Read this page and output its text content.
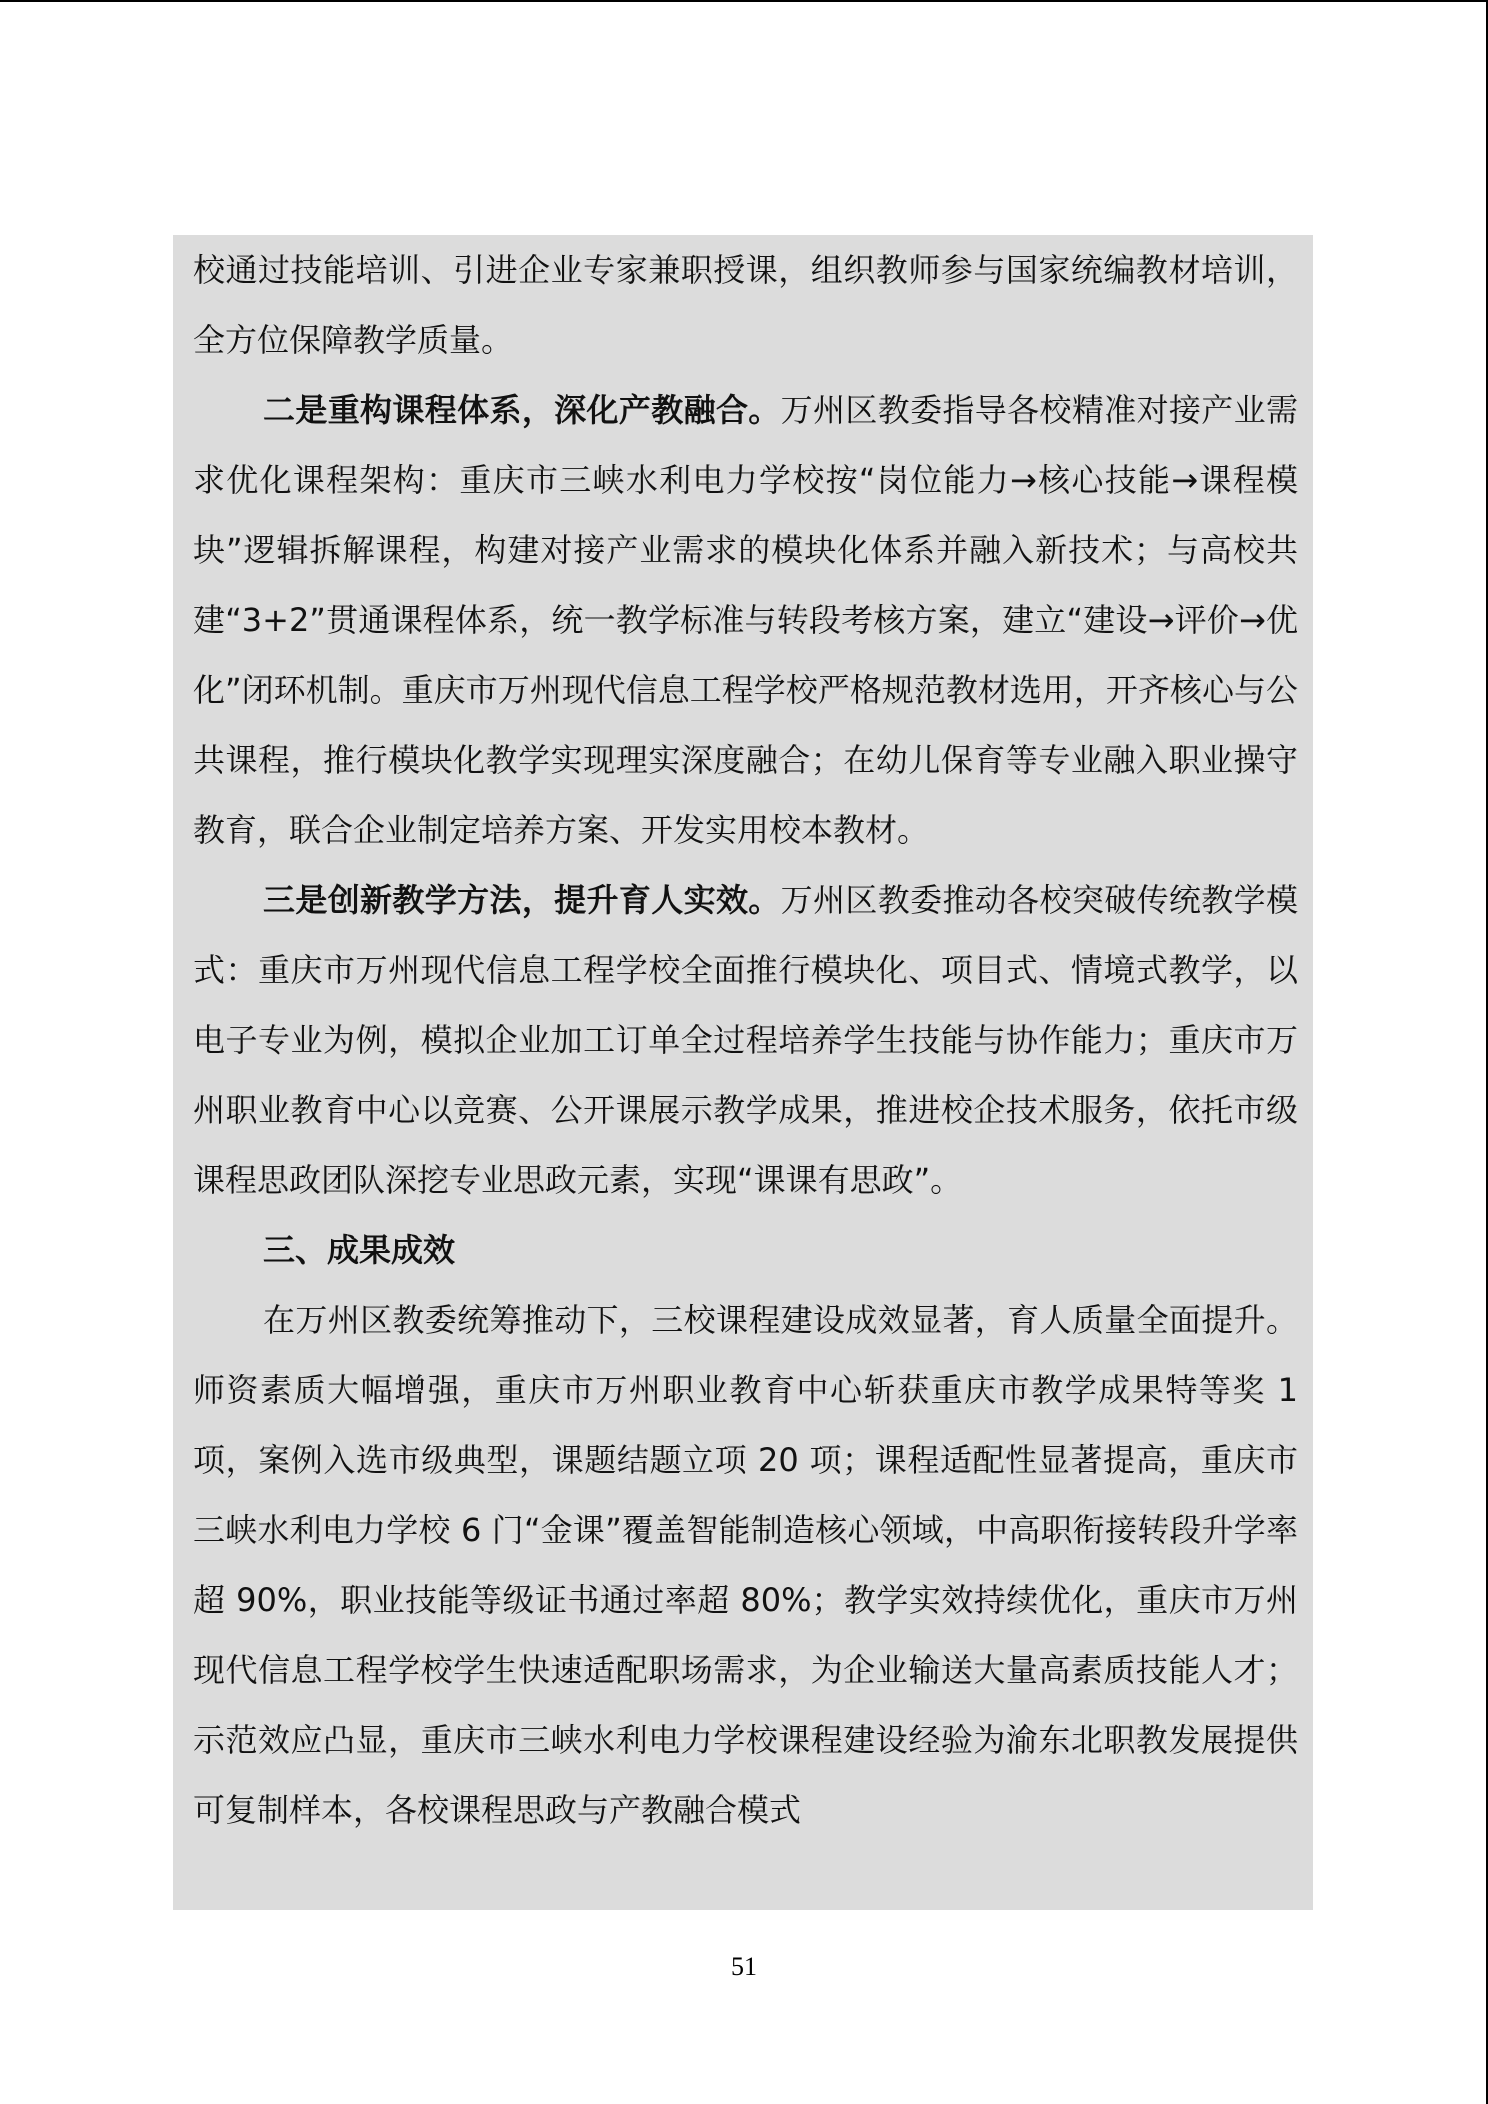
校通过技能培训、引进企业专家兼职授课，组织教师参与国家统编教材培训，全方位保障教学质量。

二是重构课程体系，深化产教融合。万州区教委指导各校精准对接产业需求优化课程架构：重庆市三峡水利电力学校按“岗位能力→核心技能→课程模块”逻辑拆解课程，构建对接产业需求的模块化体系并融入新技术；与高校共建“3+2”贯通课程体系，统一教学标准与转段考核方案，建立“建设→评价→优化”闭环机制。重庆市万州现代信息工程学校严格规范教材选用，开齐核心与公共课程，推行模块化教学实现理实深度融合；在幼儿保育等专业融入职业操守教育，联合企业制定培养方案、开发实用校本教材。

三是创新教学方法，提升育人实效。万州区教委推动各校突破传统教学模式：重庆市万州现代信息工程学校全面推行模块化、项目式、情境式教学，以电子专业为例，模拟企业加工订单全过程培养学生技能与协作能力；重庆市万州职业教育中心以竞赛、公开课展示教学成果，推进校企技术服务，依托市级课程思政团队深挖专业思政元素，实现“课课有思政”。

三、成果成效

在万州区教委统筹推动下，三校课程建设成效显著，育人质量全面提升。师资素质大幅增强，重庆市万州职业教育中心斩获重庆市教学成果特等奖 1 项，案例入选市级典型，课题结题立项 20 项；课程适配性显著提高，重庆市三峡水利电力学校 6 门“金课”覆盖智能制造核心领域，中高职衔接转段升学率超 90%，职业技能等级证书通过率超 80%；教学实效持续优化，重庆市万州现代信息工程学校学生快速适配职场需求，为企业输送大量高素质技能人才；示范效应凸显，重庆市三峡水利电力学校课程建设经验为渝东北职教发展提供可复制样本，各校课程思政与产教融合模式

51
